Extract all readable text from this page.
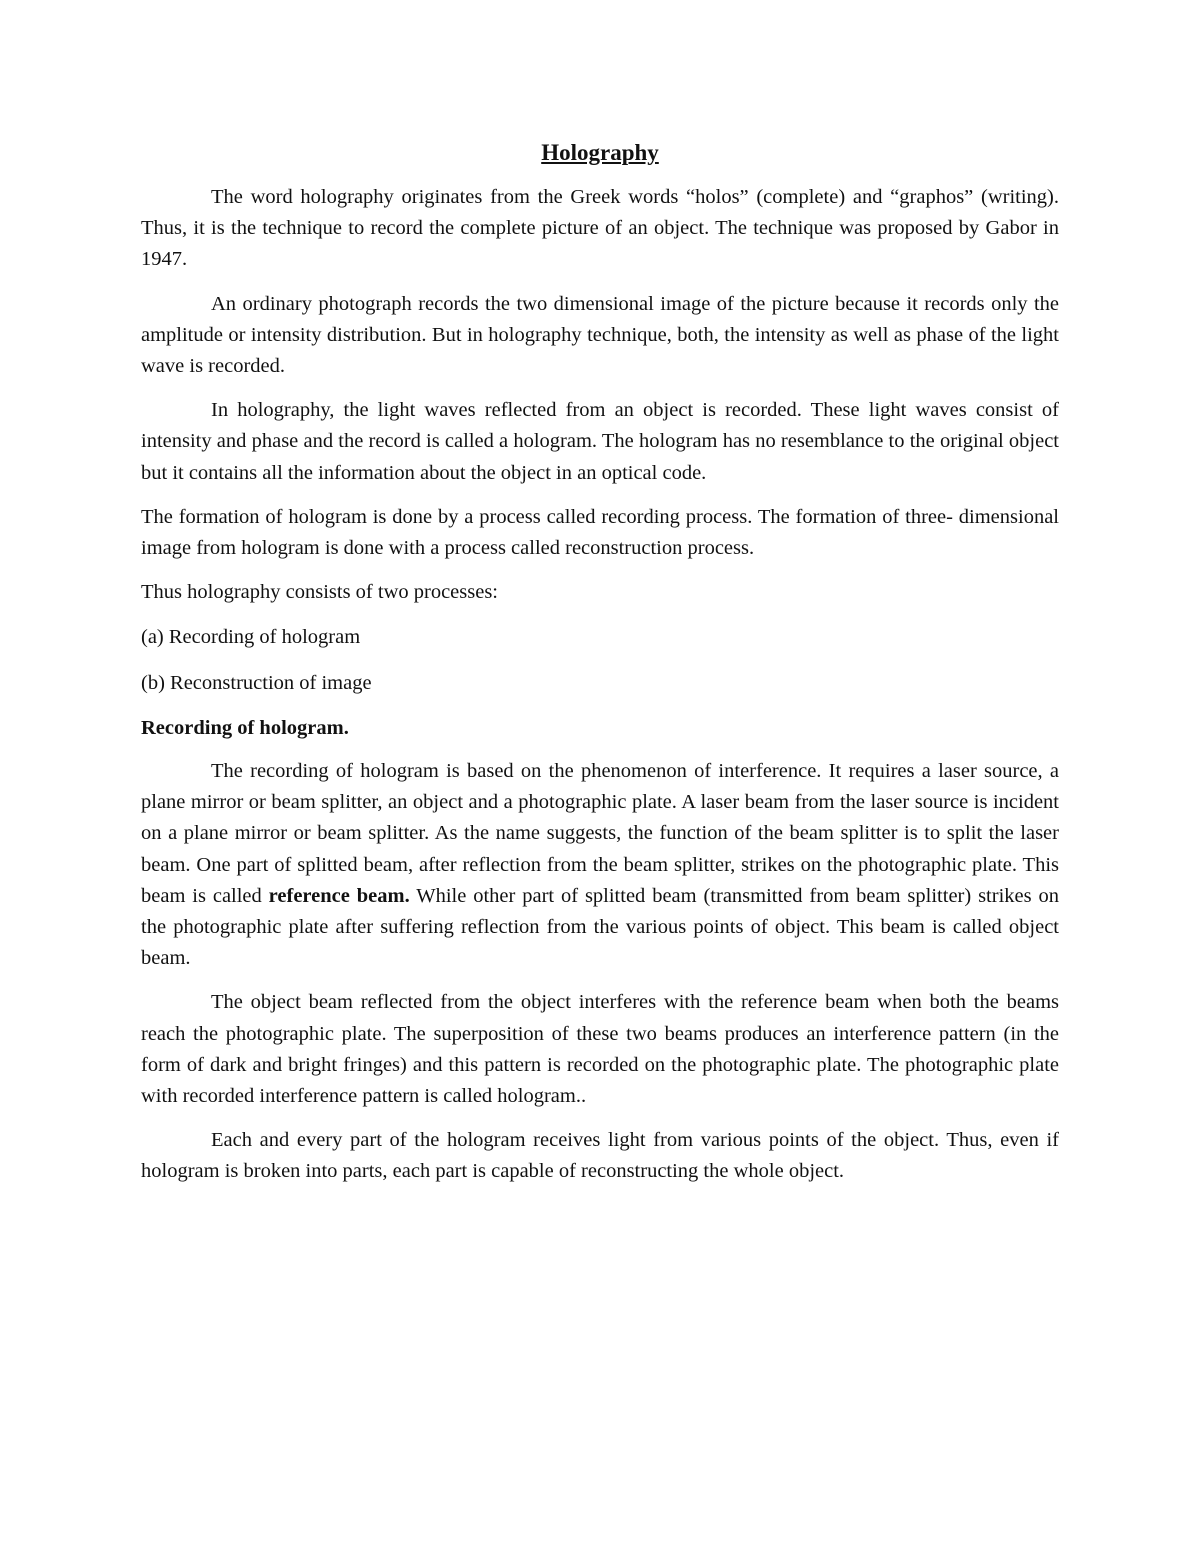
Holography

The word holography originates from the Greek words “holos” (complete) and “graphos” (writing). Thus, it is the technique to record the complete picture of an object. The technique was proposed by Gabor in 1947.

An ordinary photograph records the two dimensional image of the picture because it records only the amplitude or intensity distribution. But in holography technique, both, the intensity as well as phase of the light wave is recorded.

In holography, the light waves reflected from an object is recorded. These light waves consist of intensity and phase and the record is called a hologram. The hologram has no resemblance to the original object but it contains all the information about the object in an optical code.

The formation of hologram is done by a process called recording process. The formation of three- dimensional image from hologram is done with a process called reconstruction process.

Thus holography consists of two processes:

(a) Recording of hologram

(b) Reconstruction of image

Recording of hologram.

The recording of hologram is based on the phenomenon of interference. It requires a laser source, a plane mirror or beam splitter, an object and a photographic plate. A laser beam from the laser source is incident on a plane mirror or beam splitter. As the name suggests, the function of the beam splitter is to split the laser beam. One part of splitted beam, after reflection from the beam splitter, strikes on the photographic plate. This beam is called reference beam. While other part of splitted beam (transmitted from beam splitter) strikes on the photographic plate after suffering reflection from the various points of object. This beam is called object beam.

The object beam reflected from the object interferes with the reference beam when both the beams reach the photographic plate. The superposition of these two beams produces an interference pattern (in the form of dark and bright fringes) and this pattern is recorded on the photographic plate. The photographic plate with recorded interference pattern is called hologram..

Each and every part of the hologram receives light from various points of the object. Thus, even if hologram is broken into parts, each part is capable of reconstructing the whole object.
